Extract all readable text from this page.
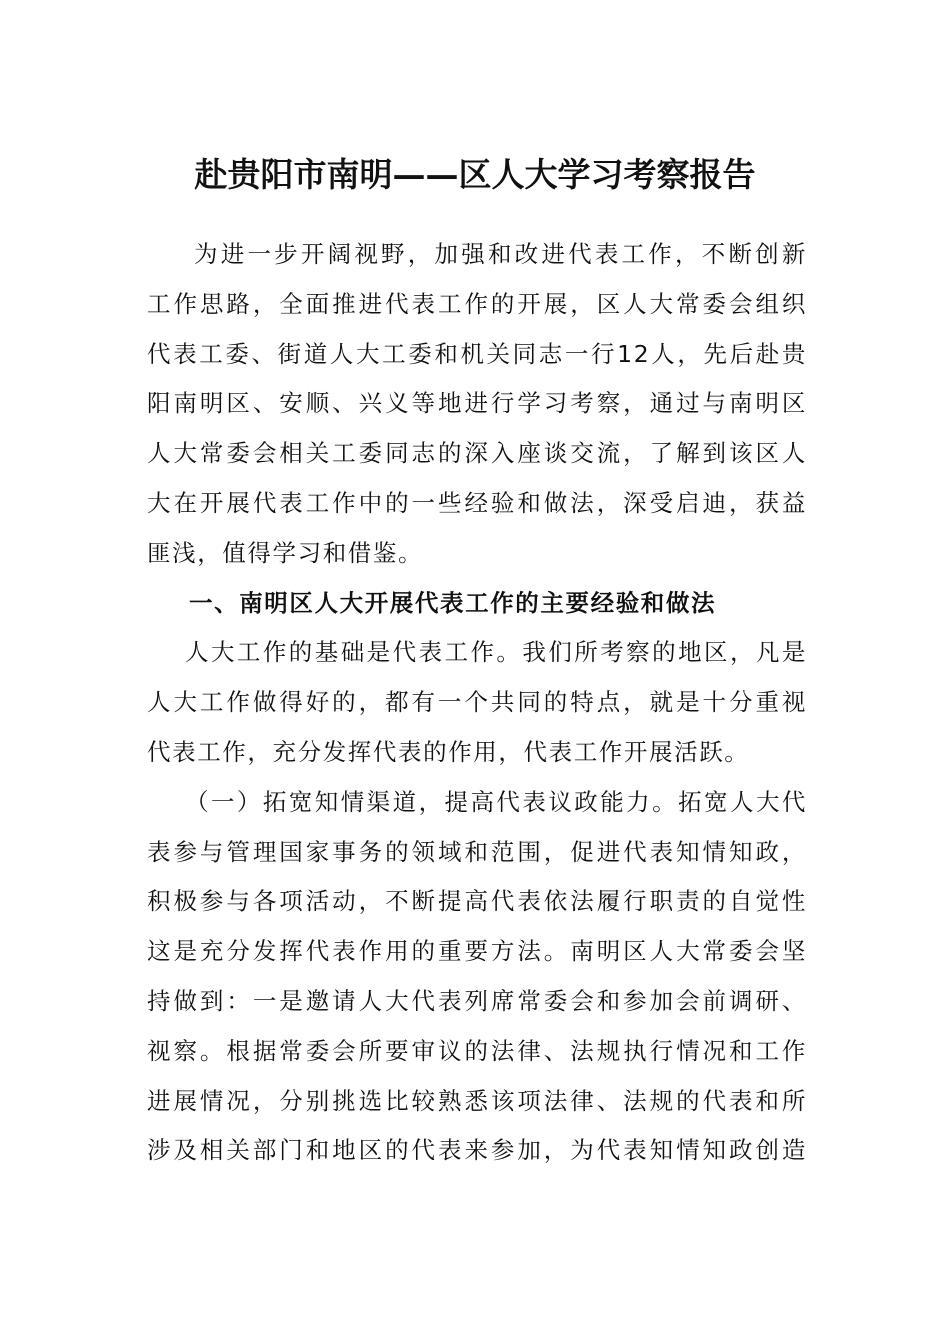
赴贵阳市南明——区人大学习考察报告
为进一步开阔视野，加强和改进代表工作，不断创新
工作思路，全面推进代表工作的开展，区人大常委会组织
代表工委、街道人大工委和机关同志一行12人，先后赴贵
阳南明区、安顺、兴义等地进行学习考察，通过与南明区
人大常委会相关工委同志的深入座谈交流，了解到该区人
大在开展代表工作中的一些经验和做法，深受启迪，获益
匪浅，值得学习和借鉴。
一、南明区人大开展代表工作的主要经验和做法
人大工作的基础是代表工作。我们所考察的地区，凡是
人大工作做得好的，都有一个共同的特点，就是十分重视
代表工作，充分发挥代表的作用，代表工作开展活跃。
（一）拓宽知情渠道，提高代表议政能力。拓宽人大代
表参与管理国家事务的领域和范围，促进代表知情知政，
积极参与各项活动，不断提高代表依法履行职责的自觉性
这是充分发挥代表作用的重要方法。南明区人大常委会坚
持做到：一是邀请人大代表列席常委会和参加会前调研、
视察。根据常委会所要审议的法律、法规执行情况和工作
进展情况，分别挑选比较熟悉该项法律、法规的代表和所
涉及相关部门和地区的代表来参加，为代表知情知政创造
